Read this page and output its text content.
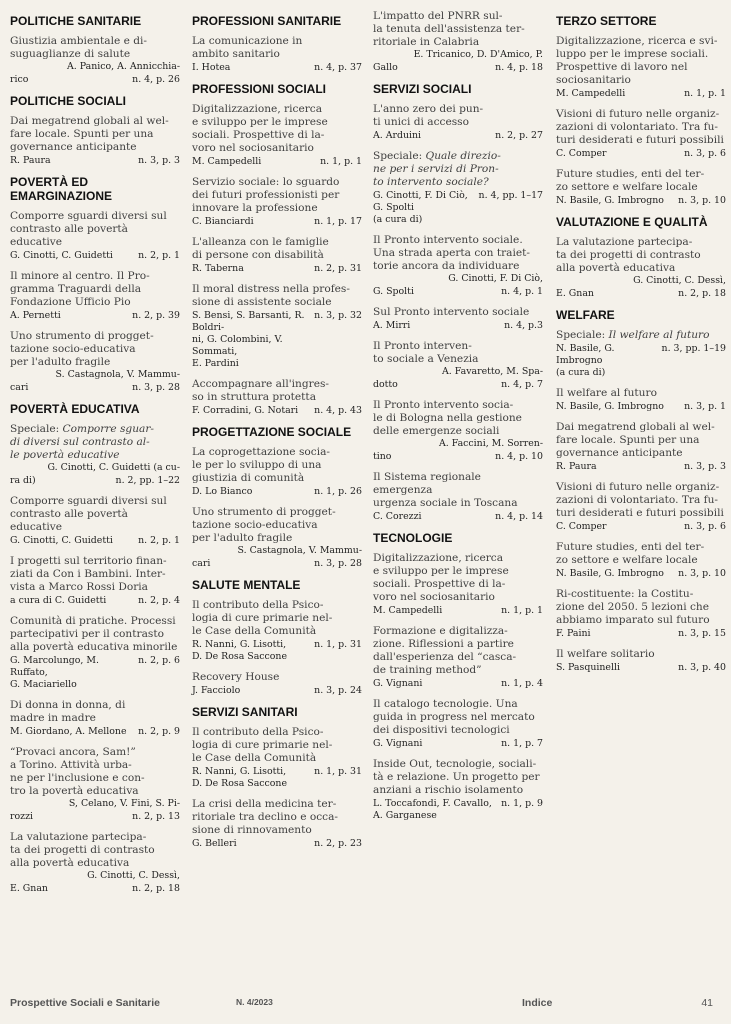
POLITICHE SANITARIE
Giustizia ambientale e di-
suguaglianze di salute
A. Panico, A. Annicchia-
rico	n. 4, p. 26
POLITICHE SOCIALI
Dai megatrend globali al wel-
fare locale. Spunti per una
governance anticipante
R. Paura	n. 3, p. 3
POVERTÀ ED EMARGINAZIONE
Comporre sguardi diversi sul
contrasto alle povertà educative
G. Cinotti, C. Guidetti	n. 2, p. 1
Il minore al centro. Il Pro-
gramma Traguardi della
Fondazione Ufficio Pio
A. Pernetti	n. 2, p. 39
Uno strumento di progget-
tazione socio-educativa
per l'adulto fragile
S. Castagnola, V. Mammu-
cari	n. 3, p. 28
POVERTÀ EDUCATIVA
Speciale: Comporre sguar-
di diversi sul contrasto al-
le povertà educative
G. Cinotti, C. Guidetti (a cu-
ra di)	n. 2, pp. 1–22
Comporre sguardi diversi sul
contrasto alle povertà educative
G. Cinotti, C. Guidetti	n. 2, p. 1
I progetti sul territorio finan-
ziati da Con i Bambini. Inter-
vista a Marco Rossi Doria
a cura di C. Guidetti	n. 2, p. 4
Comunità di pratiche. Processi
partecipativi per il contrasto
alla povertà educativa minorile
G. Marcolungo, M. Ruffato,
G. Maciariello
n. 2, p. 6
Di donna in donna, di
madre in madre
M. Giordano, A. Mellone	n. 2, p. 9
“Provaci ancora, Sam!”
a Torino. Attività urba-
ne per l'inclusione e con-
tro la povertà educativa
S, Celano, V. Fini, S. Pi-
rozzi	n. 2, p. 13
La valutazione partecipa-
ta dei progetti di contrasto
alla povertà educativa
G. Cinotti, C. Dessì,
E. Gnan	n. 2, p. 18
PROFESSIONI SANITARIE
La comunicazione in
ambito sanitario
I. Hotea	n. 4, p. 37
PROFESSIONI SOCIALI
Digitalizzazione, ricerca
e sviluppo per le imprese
sociali. Prospettive di la-
voro nel sociosanitario
M. Campedelli	n. 1, p. 1
Servizio sociale: lo sguardo
dei futuri professionisti per
innovare la professione
C. Bianciardi	n. 1, p. 17
L'alleanza con le famiglie
di persone con disabilità
R. Taberna	n. 2, p. 31
Il moral distress nella profes-
sione di assistente sociale
S. Bensi, S. Barsanti, R. Boldri-
ni, G. Colombini, V. Sommati,
E. Pardini
n. 3, p. 32
Accompagnare all'ingres-
so in struttura protetta
F. Corradini, G. Notari	n. 4, p. 43
PROGETTAZIONE SOCIALE
La coprogettazione socia-
le per lo sviluppo di una
giustizia di comunità
D. Lo Bianco	n. 1, p. 26
Uno strumento di progget-
tazione socio-educativa
per l'adulto fragile
S. Castagnola, V. Mammu-
cari	n. 3, p. 28
SALUTE MENTALE
Il contributo della Psico-
logia di cure primarie nel-
le Case della Comunità
R. Nanni, G. Lisotti,
D. De Rosa Saccone
n. 1, p. 31
Recovery House
J. Facciolo	n. 3, p. 24
SERVIZI SANITARI
Il contributo della Psico-
logia di cure primarie nel-
le Case della Comunità
R. Nanni, G. Lisotti,
D. De Rosa Saccone
n. 1, p. 31
La crisi della medicina ter-
ritoriale tra declino e occa-
sione di rinnovamento
G. Belleri	n. 2, p. 23
L'impatto del PNRR sul-
la tenuta dell'assistenza ter-
ritoriale in Calabria
E. Tricanico, D. D'Amico, P.
Gallo	n. 4, p. 18
SERVIZI SOCIALI
L'anno zero dei pun-
ti unici di accesso
A. Arduini	n. 2, p. 27
Speciale: Quale direzio-
ne per i servizi di Pron-
to intervento sociale?
G. Cinotti, F. Di Ciò, G. Spolti
(a cura di)
n. 4, pp. 1–17
Il Pronto intervento sociale.
Una strada aperta con traiet-
torie ancora da individuare
G. Cinotti, F. Di Ciò,
G. Spolti	n. 4, p. 1
Sul Pronto intervento sociale
A. Mirri	n. 4, p.3
Il Pronto interven-
to sociale a Venezia
A. Favaretto, M. Spa-
dotto	n. 4, p. 7
Il Pronto intervento socia-
le di Bologna nella gestione
delle emergenze sociali
A. Faccini, M. Sorren-
tino	n. 4, p. 10
Il Sistema regionale emergenza
urgenza sociale in Toscana
C. Corezzi	n. 4, p. 14
TECNOLOGIE
Digitalizzazione, ricerca
e sviluppo per le imprese
sociali. Prospettive di la-
voro nel sociosanitario
M. Campedelli	n. 1, p. 1
Formazione e digitalizza-
zione. Riflessioni a partire
dall'esperienza del “casca-
de training method”
G. Vignani	n. 1, p. 4
Il catalogo tecnologie. Una
guida in progress nel mercato
dei dispositivi tecnologici
G. Vignani	n. 1, p. 7
Inside Out, tecnologie, sociali-
tà e relazione. Un progetto per
anziani a rischio isolamento
L. Toccafondi, F. Cavallo,
A. Garganese
n. 1, p. 9
TERZO SETTORE
Digitalizzazione, ricerca e svi-
luppo per le imprese sociali.
Prospettive di lavoro nel
sociosanitario
M. Campedelli	n. 1, p. 1
Visioni di futuro nelle organiz-
zazioni di volontariato. Tra fu-
turi desiderati e futuri possibili
C. Comper	n. 3, p. 6
Future studies, enti del ter-
zo settore e welfare locale
N. Basile, G. Imbrogno	n. 3, p. 10
VALUTAZIONE E QUALITÀ
La valutazione partecipa-
ta dei progetti di contrasto
alla povertà educativa
G. Cinotti, C. Dessì,
E. Gnan	n. 2, p. 18
WELFARE
Speciale: Il welfare al futuro
N. Basile, G. Imbrogno
(a cura di)
n. 3, pp. 1–19
Il welfare al futuro
N. Basile, G. Imbrogno	n. 3, p. 1
Dai megatrend globali al wel-
fare locale. Spunti per una
governance anticipante
R. Paura	n. 3, p. 3
Visioni di futuro nelle organiz-
zazioni di volontariato. Tra fu-
turi desiderati e futuri possibili
C. Comper	n. 3, p. 6
Future studies, enti del ter-
zo settore e welfare locale
N. Basile, G. Imbrogno	n. 3, p. 10
Ri-costituente: la Costitu-
zione del 2050. 5 lezioni che
abbiamo imparato sul futuro
F. Paini	n. 3, p. 15
Il welfare solitario
S. Pasquinelli	n. 3, p. 40
Prospettive Sociali e Sanitarie	N. 4/2023	Indice	41
